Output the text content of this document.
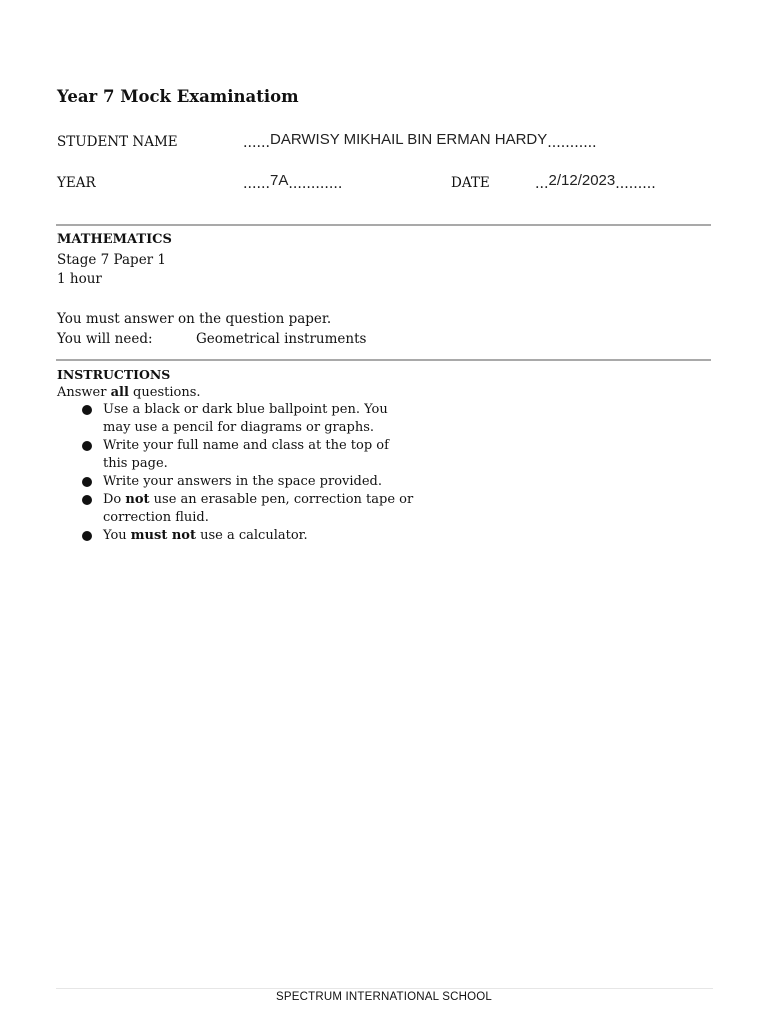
Year 7 Mock Examinatiom
STUDENT NAME	……DARWISY MIKHAIL BIN ERMAN HARDY………..
YEAR	……7A…………	DATE	…2/12/2023………
MATHEMATICS
Stage 7 Paper 1
1 hour
You must answer on the question paper.
You will need:	Geometrical instruments
INSTRUCTIONS
Answer all questions.
Use a black or dark blue ballpoint pen. You may use a pencil for diagrams or graphs.
Write your full name and class at the top of this page.
Write your answers in the space provided.
Do not use an erasable pen, correction tape or correction fluid.
You must not use a calculator.
SPECTRUM INTERNATIONAL SCHOOL
